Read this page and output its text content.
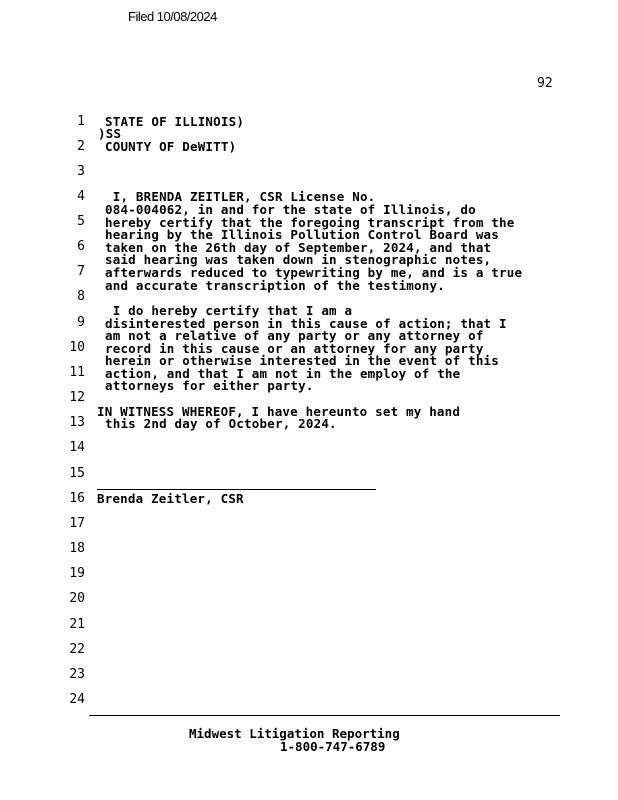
Filed 10/08/2024
92
1 STATE OF ILLINOIS)
)SS
2 COUNTY OF DeWITT)
3
4 I, BRENDA ZEITLER, CSR License No.
084-004062, in and for the state of Illinois, do
5 hereby certify that the foregoing transcript from the
hearing by the Illinois Pollution Control Board was
6 taken on the 26th day of September, 2024, and that
said hearing was taken down in stenographic notes,
7 afterwards reduced to typewriting by me, and is a true
and accurate transcription of the testimony.
8
9
I do hereby certify that I am a
disinterested person in this cause of action; that I
10
am not a relative of any party or any attorney of
record in this cause or an attorney for any party
11
herein or otherwise interested in the event of this
action, and that I am not in the employ of the
12
attorneys for either party.
13
IN WITNESS WHEREOF, I have hereunto set my hand
this 2nd day of October, 2024.
14
15
16 Brenda Zeitler, CSR
17
18
19
20
21
22
23
24
Midwest Litigation Reporting
1-800-747-6789
